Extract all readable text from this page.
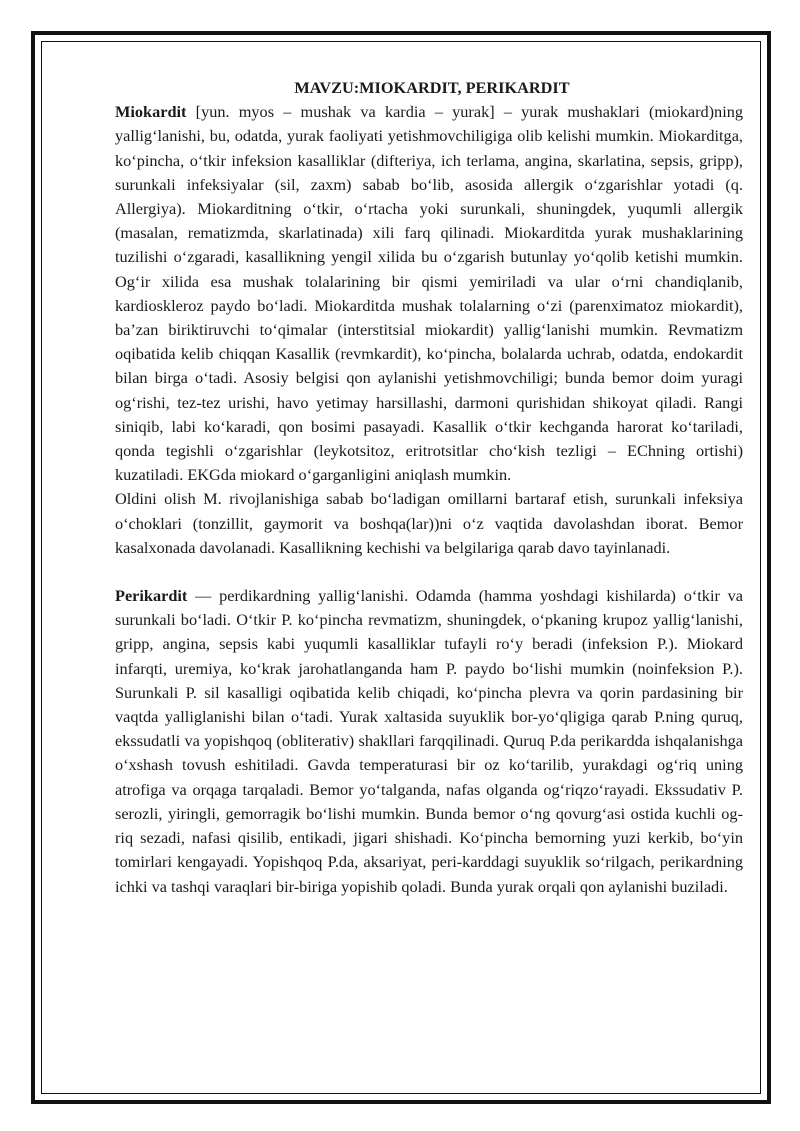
MAVZU:MIOKARDIT, PERIKARDIT

Miokardit [yun. myos – mushak va kardia – yurak] – yurak mushaklari (miokard)ning yallig‘lanishi, bu, odatda, yurak faoliyati yetishmovchiligiga olib kelishi mumkin. Miokarditga, ko‘pincha, o‘tkir infeksion kasalliklar (difteriya, ich terlama, angina, skarlatina, sepsis, gripp), surunkali infeksiyalar (sil, zaxm) sabab bo‘lib, asosida allergik o‘zgarishlar yotadi (q. Allergiya). Miokarditning o‘tkir, o‘rtacha yoki surunkali, shuningdek, yuqumli allergik (masalan, rematizmda, skarlatinada) xili farq qilinadi. Miokarditda yurak mushaklarining tuzilishi o‘zgaradi, kasallikning yengil xilida bu o‘zgarish butunlay yo‘qolib ketishi mumkin. Og‘ir xilida esa mushak tolalarining bir qismi yemiriladi va ular o‘rni chandiqlanib, kardioskleroz paydo bo‘ladi. Miokarditda mushak tolalarning o‘zi (parenximatoz miokardit), ba’zan biriktiruvchi to‘qimalar (interstitsial miokardit) yallig‘lanishi mumkin. Revmatizm oqibatida kelib chiqqan Kasallik (revmkardit), ko‘pincha, bolalarda uchrab, odatda, endokardit bilan birga o‘tadi. Asosiy belgisi qon aylanishi yetishmovchiligi; bunda bemor doim yuragi og‘rishi, tez-tez urishi, havo yetimay harsillashi, darmoni qurishidan shikoyat qiladi. Rangi siniqib, labi ko‘karadi, qon bosimi pasayadi. Kasallik o‘tkir kechganda harorat ko‘tariladi, qonda tegishli o‘zgarishlar (leykotsitoz, eritrotsitlar cho‘kish tezligi – EChning ortishi) kuzatiladi. EKGda miokard o‘garganligini aniqlash mumkin.

Oldini olish M. rivojlanishiga sabab bo‘ladigan omillarni bartaraf etish, surunkali infeksiya o‘choklari (tonzillit, gaymorit va boshqa(lar))ni o‘z vaqtida davolashdan iborat. Bemor kasalxonada davolanadi. Kasallikning kechishi va belgilariga qarab davo tayinlanadi.

Perikardit — perdikardning yallig‘lanishi. Odamda (hamma yoshdagi kishilarda) o‘tkir va surunkali bo‘ladi. O‘tkir P. ko‘pincha revmatizm, shuningdek, o‘pkaning krupoz yallig‘lanishi, gripp, angina, sepsis kabi yuqumli kasalliklar tufayli ro‘y beradi (infeksion P.). Miokard infarqti, uremiya, ko‘krak jarohatlanganda ham P. paydo bo‘lishi mumkin (noinfeksion P.). Surunkali P. sil kasalligi oqibatida kelib chiqadi, ko‘pincha plevra va qorin pardasining bir vaqtda yalliglanishi bilan o‘tadi. Yurak xaltasida suyuklik bor-yo‘qligiga qarab P.ning quruq, ekssudatli va yopishqoq (obliterativ) shakllari farqqilinadi. Quruq P.da perikardda ishqalanishga o‘xshash tovush eshitiladi. Gavda temperaturasi bir oz ko‘tarilib, yurakdagi og‘riq uning atrofiga va orqaga tarqaladi. Bemor yo‘talganda, nafas olganda og‘riqzo‘rayadi. Ekssudativ P. serozli, yiringli, gemorragik bo‘lishi mumkin. Bunda bemor o‘ng qovurg‘asi ostida kuchli og-riq sezadi, nafasi qisilib, entikadi, jigari shishadi. Ko‘pincha bemorning yuzi kerkib, bo‘yin tomirlari kengayadi. Yopishqoq P.da, aksariyat, peri-karddagi suyuklik so‘rilgach, perikardning ichki va tashqi varaqlari bir-biriga yopishib qoladi. Bunda yurak orqali qon aylanishi buziladi.
